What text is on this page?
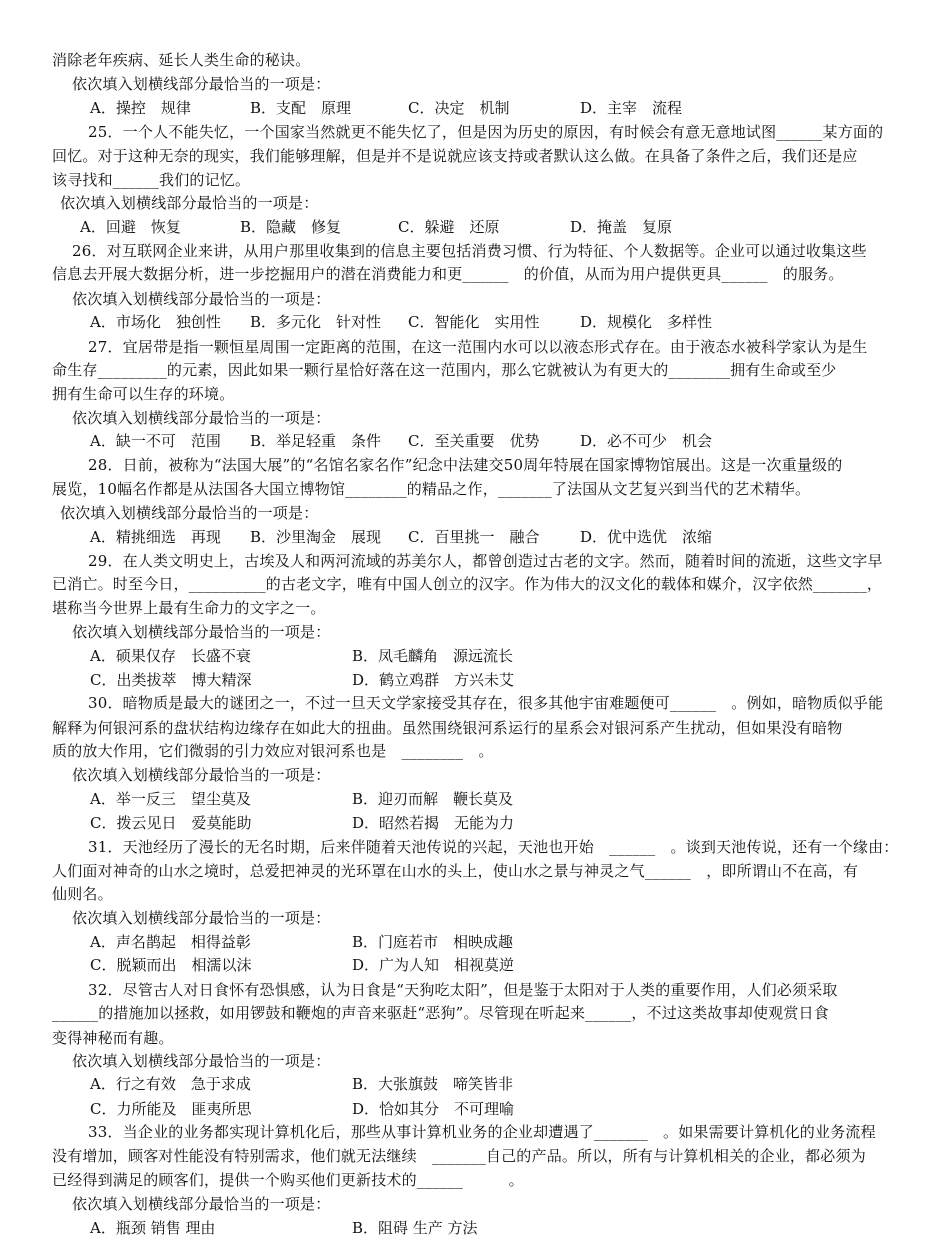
消除老年疾病、延长人类生命的秘诀。
依次填入划横线部分最恰当的一项是：
A．操控　规律	B．支配　原理	C．决定　机制	D．主宰　流程
25．一个人不能失忆，一个国家当然就更不能失忆了，但是因为历史的原因，有时候会有意无意地试图______某方面的
回忆。对于这种无奈的现实，我们能够理解，但是并不是说就应该支持或者默认这么做。在具备了条件之后，我们还是应
该寻找和______我们的记忆。
依次填入划横线部分最恰当的一项是：
A．回避　恢复	B．隐藏　修复	C．躲避　还原	D．掩盖　复原
26．对互联网企业来讲，从用户那里收集到的信息主要包括消费习惯、行为特征、个人数据等。企业可以通过收集这些
信息去开展大数据分析，进一步挖掘用户的潜在消费能力和更______　的价值，从而为用户提供更具______　的服务。
依次填入划横线部分最恰当的一项是：
A．市场化　独创性 B．多元化　针对性 C．智能化　实用性	D．规模化　多样性
27．宜居带是指一颗恒星周围一定距离的范围，在这一范围内水可以以液态形式存在。由于液态水被科学家认为是生
命生存_________的元素，因此如果一颗行星恰好落在这一范围内，那么它就被认为有更大的________拥有生命或至少
拥有生命可以生存的环境。
依次填入划横线部分最恰当的一项是：
A．缺一不可　范围 B．举足轻重　条件 C．至关重要　优势	D．必不可少　机会
28．日前，被称为“法国大展”的“名馆名家名作”纪念中法建交50周年特展在国家博物馆展出。这是一次重量级的
展览，10幅名作都是从法国各大国立博物馆________的精品之作，_______了法国从文艺复兴到当代的艺术精华。
依次填入划横线部分最恰当的一项是：
A．精挑细选　再现 B．沙里淘金　展现 C．百里挑一　融合	D．优中选优　浓缩
29．在人类文明史上，古埃及人和两河流域的苏美尔人，都曾创造过古老的文字。然而，随着时间的流逝，这些文字早
已消亡。时至今日，__________的古老文字，唯有中国人创立的汉字。作为伟大的汉文化的载体和媒介，汉字依然_______，
堪称当今世界上最有生命力的文字之一。
依次填入划横线部分最恰当的一项是：
A．硕果仅存　长盛不衰	B．凤毛麟角　源远流长
C．出类拔萃　博大精深	D．鹤立鸡群　方兴未艾
30．暗物质是最大的谜团之一，不过一旦天文学家接受其存在，很多其他宇宙难题便可______　。例如，暗物质似乎能
解释为何银河系的盘状结构边缘存在如此大的扭曲。虽然围绕银河系运行的星系会对银河系产生扰动，但如果没有暗物
质的放大作用，它们微弱的引力效应对银河系也是　________　。
依次填入划横线部分最恰当的一项是：
A．举一反三　望尘莫及	B．迎刃而解　鞭长莫及
C．拨云见日　爱莫能助	D．昭然若揭　无能为力
31．天池经历了漫长的无名时期，后来伴随着天池传说的兴起，天池也开始　______　。谈到天池传说，还有一个缘由：
人们面对神奇的山水之境时，总爱把神灵的光环罩在山水的头上，使山水之景与神灵之气______　，即所谓山不在高，有
仙则名。
依次填入划横线部分最恰当的一项是：
A．声名鹊起　相得益彰	B．门庭若市　相映成趣
C．脱颖而出　相濡以沫	D．广为人知　相视莫逆
32．尽管古人对日食怀有恐惧感，认为日食是“天狗吃太阳”，但是鉴于太阳对于人类的重要作用，人们必须采取
______的措施加以拯救，如用锣鼓和鞭炮的声音来驱赶“恶狗”。尽管现在听起来______，不过这类故事却使观赏日食
变得神秘而有趣。
依次填入划横线部分最恰当的一项是：
A．行之有效　急于求成	B．大张旗鼓　啼笑皆非
C．力所能及　匪夷所思	D．恰如其分　不可理喻
33．当企业的业务都实现计算机化后，那些从事计算机业务的企业却遭遇了_______　。如果需要计算机化的业务流程
没有增加，顾客对性能没有特别需求，他们就无法继续　_______自己的产品。所以，所有与计算机相关的企业，都必须为
已经得到满足的顾客们，提供一个购买他们更新技术的______　　　。
依次填入划横线部分最恰当的一项是：
A．瓶颈 销售 理由	B．阻碍 生产 方法
